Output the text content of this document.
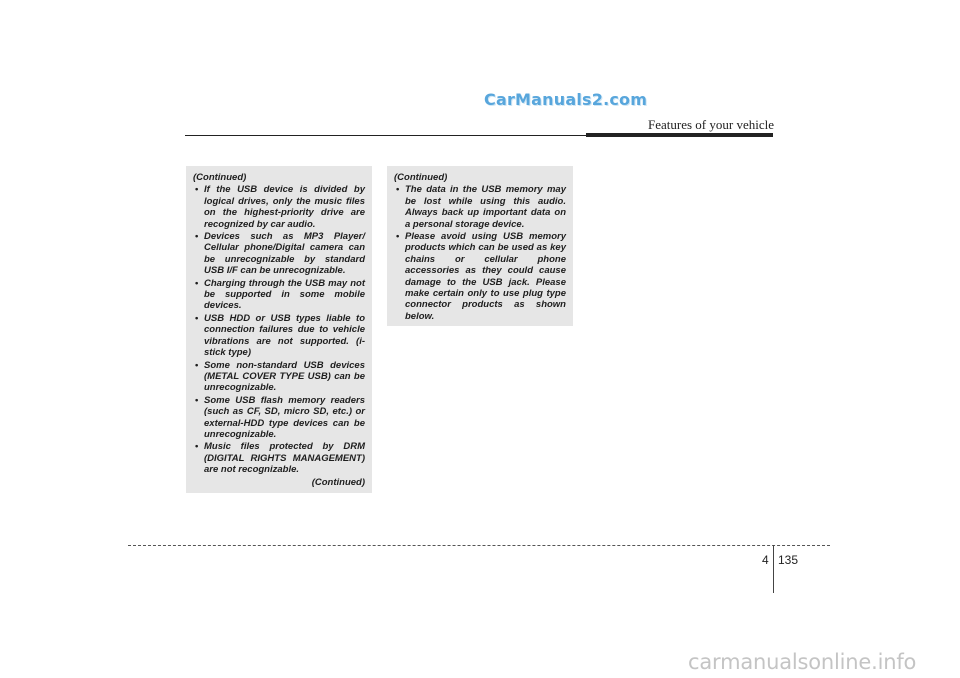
CarManuals2.com
Features of your vehicle
(Continued)
• If the USB device is divided by logical drives, only the music files on the highest-priority drive are recognized by car audio.
• Devices such as MP3 Player/ Cellular phone/Digital camera can be unrecognizable by standard USB I/F can be unrecognizable.
• Charging through the USB may not be supported in some mobile devices.
• USB HDD or USB types liable to connection failures due to vehicle vibrations are not supported. (i-stick type)
• Some non-standard USB devices (METAL COVER TYPE USB) can be unrecognizable.
• Some USB flash memory readers (such as CF, SD, micro SD, etc.) or external-HDD type devices can be unrecognizable.
• Music files protected by DRM (DIGITAL RIGHTS MANAGEMENT) are not recognizable.
(Continued)
(Continued)
• The data in the USB memory may be lost while using this audio. Always back up important data on a personal storage device.
• Please avoid using USB memory products which can be used as key chains or cellular phone accessories as they could cause damage to the USB jack. Please make certain only to use plug type connector products as shown below.
4 135
carmanualsonline.info
